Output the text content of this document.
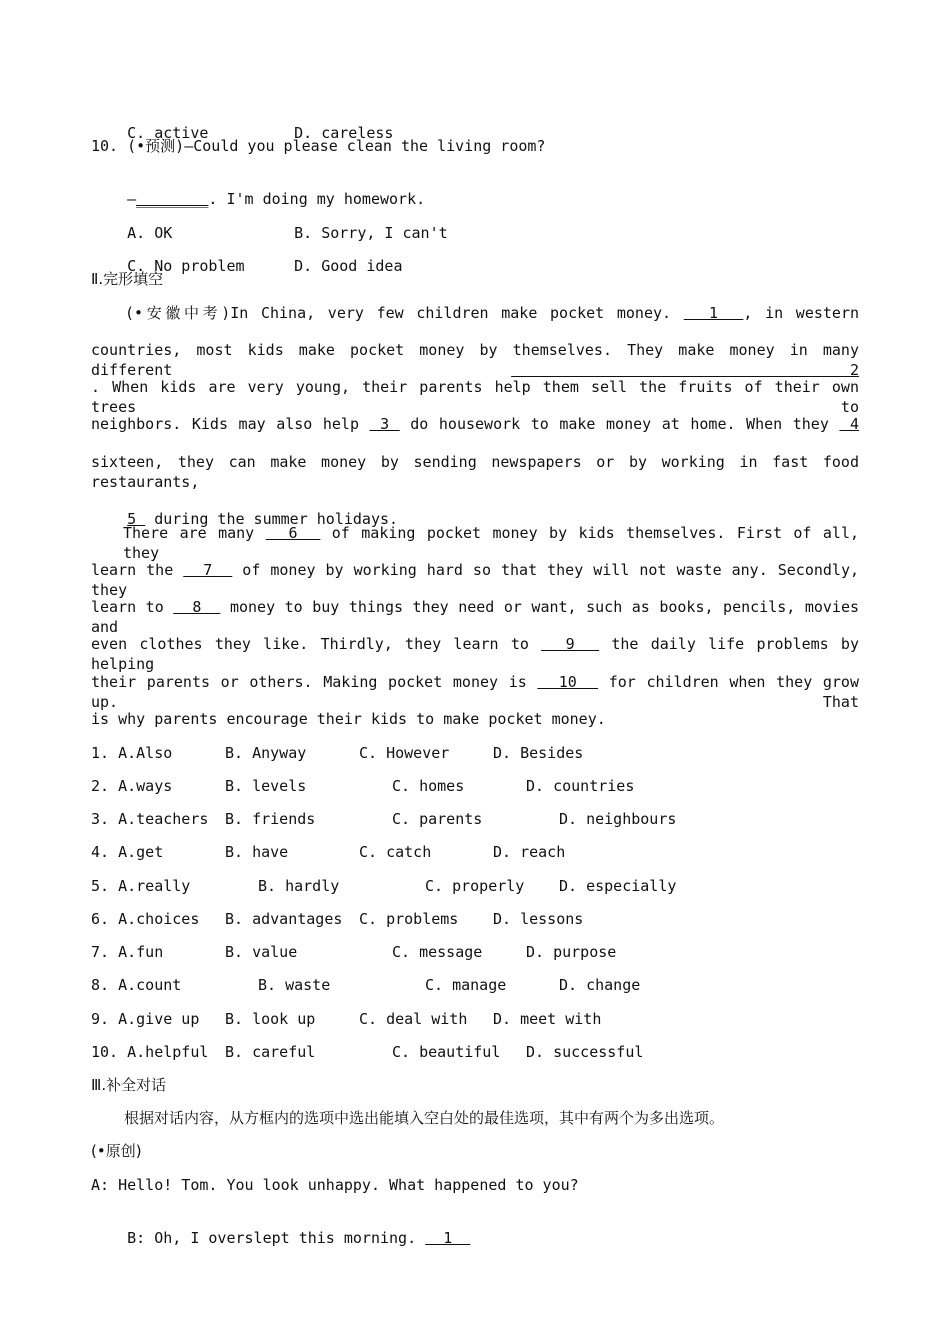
C. active	D. careless

10. (•预测)—Could you please clean the living room?

—________. I'm doing my homework.

A. OK	B. Sorry, I can't

C. No problem	D. Good idea

Ⅱ.完形填空
(•安徽中考)In China, very few children make pocket money.   1  , in western
countries, most kids make pocket money by themselves. They make money in many different  2
. When kids are very young, their parents help them sell the fruits of their own trees to
neighbors. Kids may also help  3  do housework to make money at home. When they  4
sixteen, they can make money by sending newspapers or by working in fast food restaurants,

5  during the summer holidays.

There are many   6   of making pocket money by kids themselves. First of all, they
learn the   7   of money by working hard so that they will not waste any. Secondly, they
learn to   8   money to buy things they need or want, such as books, pencils, movies and
even clothes they like. Thirdly, they learn to   9   the daily life problems by helping
their parents or others. Making pocket money is   10   for children when they grow up. That
is why parents encourage their kids to make pocket money.
1. A.Also	B. Anyway	C. However	D. Besides
2. A.ways	B. levels	C. homes	D. countries
3. A.teachers B. friends	C. parents	D. neighbours
4. A.get	B. have	C. catch	D. reach
5. A.really	B. hardly	C. properly D. especially
6. A.choices B. advantages C. problems D. lessons
7. A.fun	B. value	C. message	D. purpose
8. A.count	B. waste	C. manage	D. change
9. A.give up B. look up	C. deal with D. meet with
10. A.helpful B. careful	C. beautiful D. successful
Ⅲ.补全对话
根据对话内容，从方框内的选项中选出能填入空白处的最佳选项，其中有两个为多出选项。
(•原创)
A: Hello! Tom. You look unhappy. What happened to you?

B: Oh, I overslept this morning.   1
